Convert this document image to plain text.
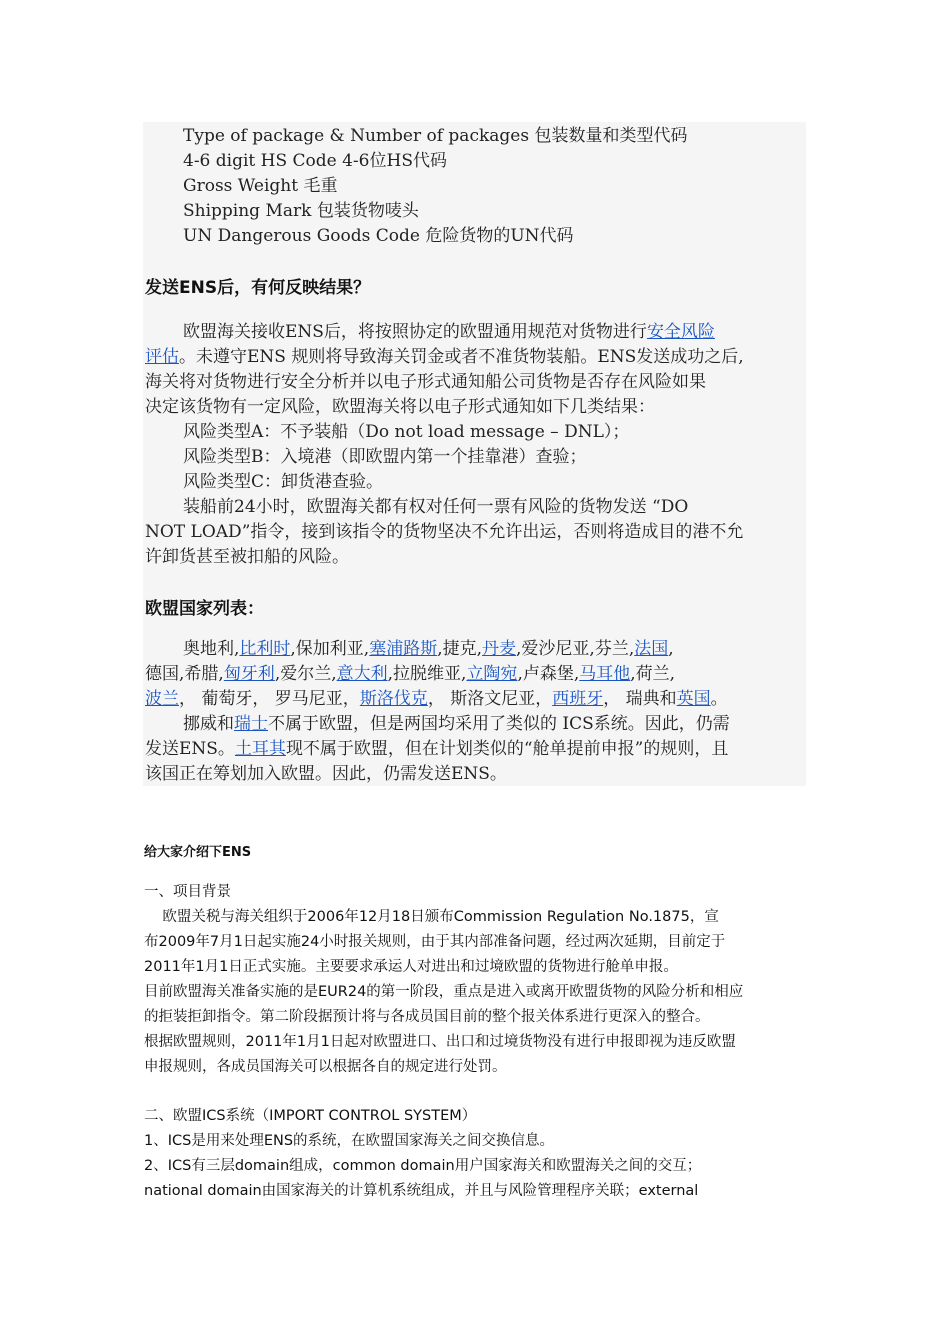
Type of package & Number of packages 包装数量和类型代码
4-6 digit HS Code 4-6位HS代码
Gross Weight 毛重
Shipping Mark 包装货物唛头
UN Dangerous Goods Code 危险货物的UN代码
发送ENS后，有何反映结果？
欧盟海关接收ENS后，将按照协定的欧盟通用规范对货物进行安全风险
评估。未遵守ENS 规则将导致海关罚金或者不准货物装船。ENS发送成功之后,
海关将对货物进行安全分析并以电子形式通知船公司货物是否存在风险如果
决定该货物有一定风险，欧盟海关将以电子形式通知如下几类结果：
风险类型A：不予装船（Do not load message – DNL）；
风险类型B：入境港（即欧盟内第一个挂靠港）查验；
风险类型C：卸货港查验。
装船前24小时，欧盟海关都有权对任何一票有风险的货物发送 “DO
NOT LOAD”指令，接到该指令的货物坚决不允许出运，否则将造成目的港不允
许卸货甚至被扣船的风险。
欧盟国家列表：
奥地利,比利时,保加利亚,塞浦路斯,捷克,丹麦,爱沙尼亚,芬兰,法国,
德国,希腊,匈牙利,爱尔兰,意大利,拉脱维亚,立陶宛,卢森堡,马耳他,荷兰,
波兰， 葡萄牙， 罗马尼亚，斯洛伐克， 斯洛文尼亚，西班牙， 瑞典和英国。
挪威和瑞士不属于欧盟，但是两国均采用了类似的 ICS系统。因此，仍需
发送ENS。土耳其现不属于欧盟，但在计划类似的“舱单提前申报”的规则，且
该国正在筹划加入欧盟。因此，仍需发送ENS。
给大家介绍下ENS
一、项目背景
欧盟关税与海关组织于2006年12月18日颁布Commission Regulation No.1875，宣
布2009年7月1日起实施24小时报关规则，由于其内部准备问题，经过两次延期，目前定于
2011年1月1日正式实施。主要要求承运人对进出和过境欧盟的货物进行舱单申报。
目前欧盟海关准备实施的是EUR24的第一阶段，重点是进入或离开欧盟货物的风险分析和相应
的拒装拒卸指令。第二阶段据预计将与各成员国目前的整个报关体系进行更深入的整合。
根据欧盟规则，2011年1月1日起对欧盟进口、出口和过境货物没有进行申报即视为违反欧盟
申报规则，各成员国海关可以根据各自的规定进行处罚。
二、欧盟ICS系统（IMPORT CONTROL SYSTEM）
1、ICS是用来处理ENS的系统，在欧盟国家海关之间交换信息。
2、ICS有三层domain组成，common domain用户国家海关和欧盟海关之间的交互；
national domain由国家海关的计算机系统组成，并且与风险管理程序关联；external
